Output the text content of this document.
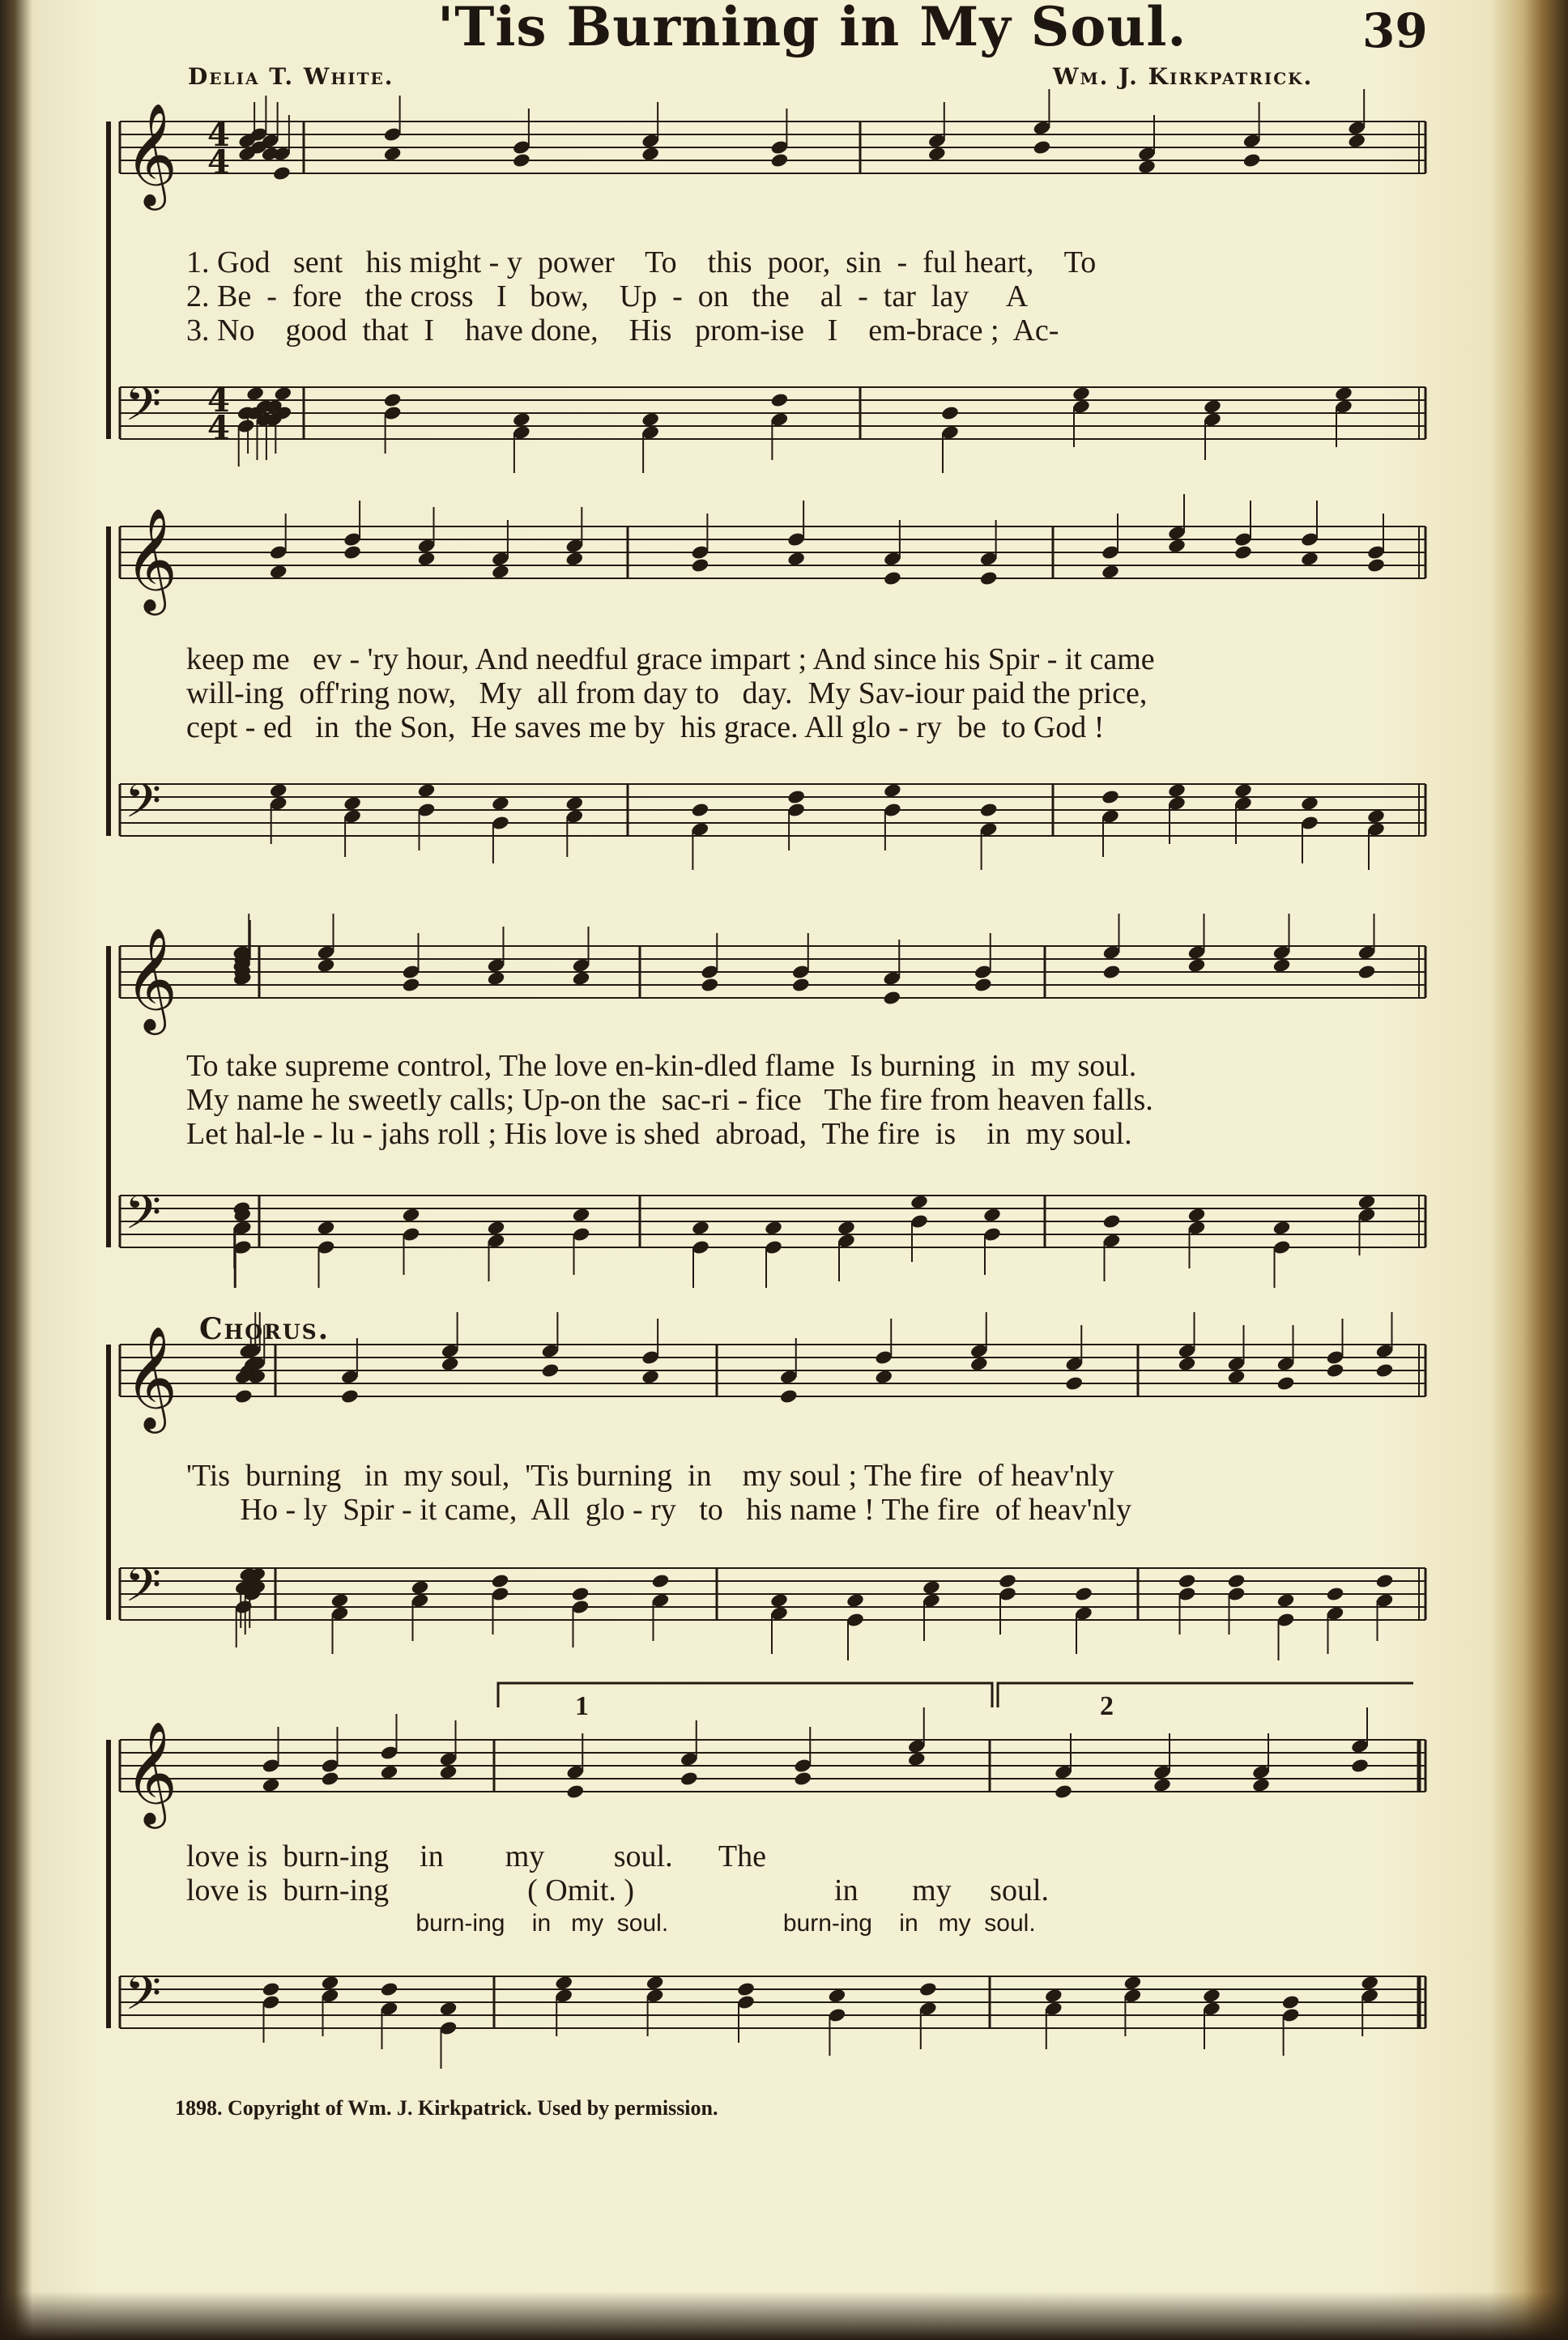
'Tis Burning in My Soul.	39
Delia T. White.	Wm. J. Kirkpatrick.
Chorus.
𝄞
𝄢
4
4
4
4
𝄞
𝄢
𝄞
𝄢
𝄞
𝄢
𝄞
𝄢
1. God   sent   his might - y  power    To    this  poor,  sin  -  ful heart,    To
2. Be  -  fore   the cross   I   bow,    Up  -  on   the    al  -  tar  lay     A
3. No    good  that  I    have done,    His   prom-ise   I    em-brace ;  Ac-
keep me   ev - 'ry hour, And needful grace impart ; And since his Spir - it came
will-ing  off'ring now,   My  all from day to   day.  My Sav-iour paid the price,
cept - ed   in  the Son,  He saves me by  his grace. All glo - ry  be  to God !
To take supreme control, The love en-kin-dled flame  Is burning  in  my soul.
My name he sweetly calls; Up-on the  sac-ri - fice   The fire from heaven falls.
Let hal-le - lu - jahs roll ; His love is shed  abroad,  The fire  is    in  my soul.
'Tis  burning   in  my soul,  'Tis burning  in    my soul ; The fire  of heav'nly
Ho - ly  Spir - it came,  All  glo - ry   to   his name ! The fire  of heav'nly
1	2
love is  burn-ing    in        my         soul.      The
love is  burn-ing                  ( Omit. )                          in       my     soul.
burn-ing    in   my  soul.                 burn-ing    in   my  soul.
1898. Copyright of Wm. J. Kirkpatrick. Used by permission.
